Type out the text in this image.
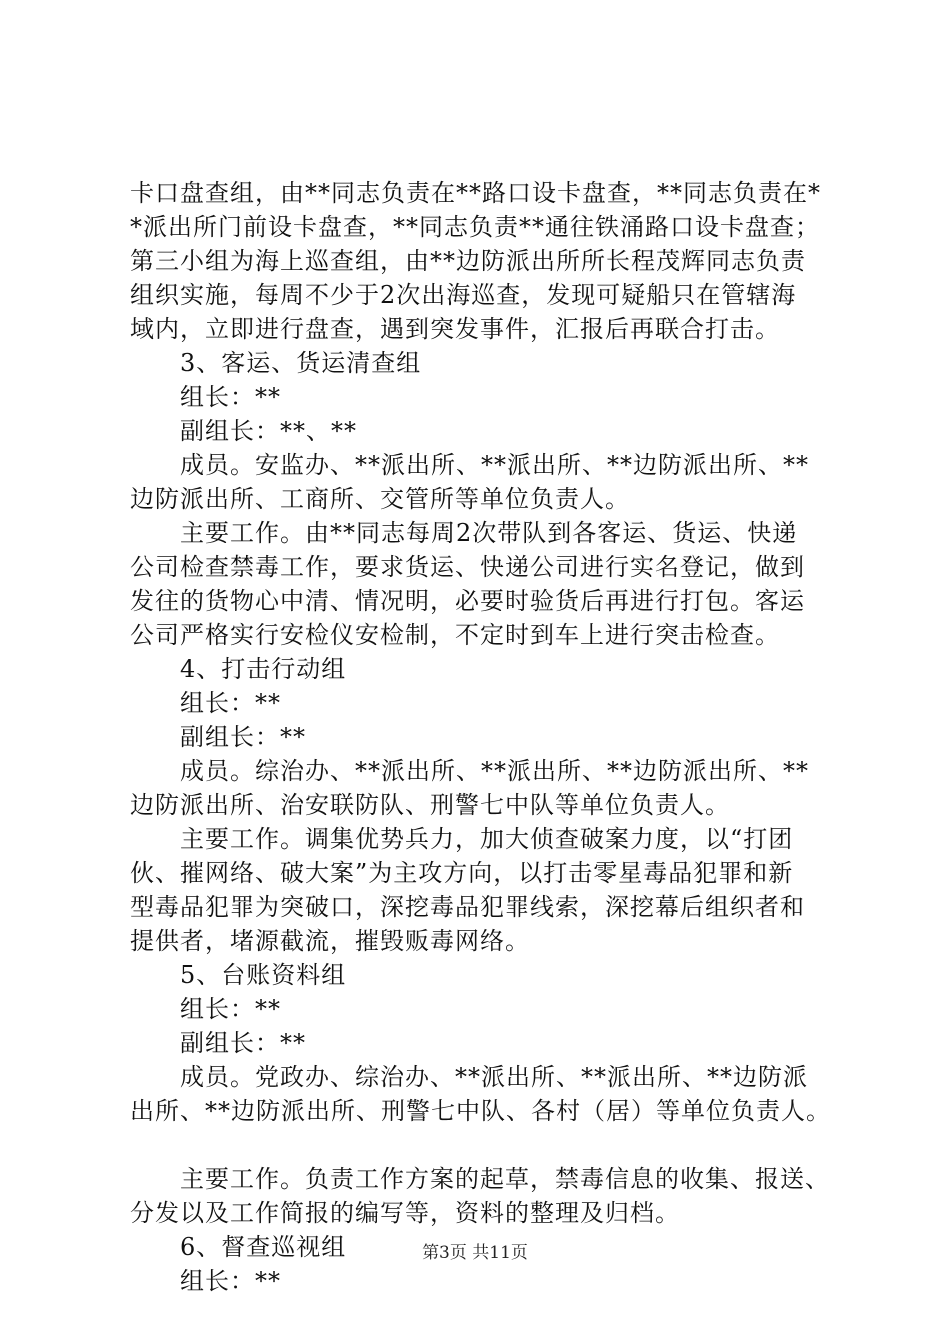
卡口盘查组，由**同志负责在**路口设卡盘查，**同志负责在*
*派出所门前设卡盘查，**同志负责**通往铁涌路口设卡盘查；
第三小组为海上巡查组，由**边防派出所所长程茂辉同志负责
组织实施，每周不少于2次出海巡查，发现可疑船只在管辖海
域内，立即进行盘查，遇到突发事件，汇报后再联合打击。
3、客运、货运清查组
组长：**
副组长：**、**
成员。安监办、**派出所、**派出所、**边防派出所、**
边防派出所、工商所、交管所等单位负责人。
主要工作。由**同志每周2次带队到各客运、货运、快递
公司检查禁毒工作，要求货运、快递公司进行实名登记，做到
发往的货物心中清、情况明，必要时验货后再进行打包。客运
公司严格实行安检仪安检制，不定时到车上进行突击检查。
4、打击行动组
组长：**
副组长：**
成员。综治办、**派出所、**派出所、**边防派出所、**
边防派出所、治安联防队、刑警七中队等单位负责人。
主要工作。调集优势兵力，加大侦查破案力度，以“打团
伙、摧网络、破大案”为主攻方向，以打击零星毒品犯罪和新
型毒品犯罪为突破口，深挖毒品犯罪线索，深挖幕后组织者和
提供者，堵源截流，摧毁贩毒网络。
5、台账资料组
组长：**
副组长：**
成员。党政办、综治办、**派出所、**派出所、**边防派
出所、**边防派出所、刑警七中队、各村（居）等单位负责人。
主要工作。负责工作方案的起草，禁毒信息的收集、报送、
分发以及工作简报的编写等，资料的整理及归档。
6、督查巡视组
组长：**
第3页 共11页
